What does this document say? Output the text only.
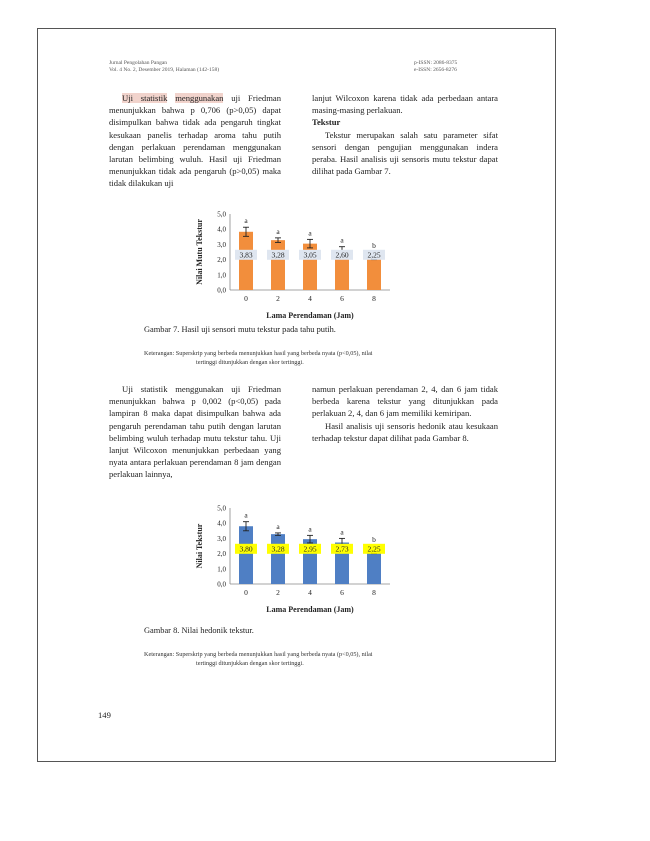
Jurnal Pengolahan Pangan
Vol. 4 No. 2, Desember 2019, Halaman (142-158)
p-ISSN: 2086-8375
e-ISSN: 2656-8276

Uji statistik menggunakan uji Friedman menunjukkan bahwa p 0,706 (p>0,05) dapat disimpulkan bahwa tidak ada pengaruh tingkat kesukaan panelis terhadap aroma tahu putih dengan perlakuan perendaman menggunakan larutan belimbing wuluh. Hasil uji Friedman menunjukkan tidak ada pengaruh (p>0,05) maka tidak dilakukan uji

lanjut Wilcoxon karena tidak ada perbedaan antara masing-masing perlakuan.

Tekstur

Tekstur merupakan salah satu parameter sifat sensori dengan pengujian menggunakan indera peraba. Hasil analisis uji sensoris mutu tekstur dapat dilihat pada Gambar 7.

0,0
1,0
2,0
3,0
4,0
5,0
Nilai Mutu Tekstur	a
3,83
0
a
3,28
2
a
3,05
4
a
2,60
6
b
2,25
8
Lama Perendaman (Jam)
Gambar 7. Hasil uji sensori mutu tekstur pada tahu putih.
Keterangan: Superskrip yang berbeda menunjukkan hasil yang berbeda nyata (p<0,05), nilai
tertinggi ditunjukkan dengan skor tertinggi.

Uji statistik menggunakan uji Friedman menunjukkan bahwa p 0,002 (p<0,05) pada lampiran 8 maka dapat disimpulkan bahwa ada pengaruh perendaman tahu putih dengan larutan belimbing wuluh terhadap mutu tekstur tahu. Uji lanjut Wilcoxon menunjukkan perbedaan yang nyata antara perlakuan perendaman 8 jam dengan perlakuan lainnya,

namun perlakuan perendaman 2, 4, dan 6 jam tidak berbeda karena tekstur yang ditunjukkan pada perlakuan 2, 4, dan 6 jam memiliki kemiripan.

Hasil analisis uji sensoris hedonik atau kesukaan terhadap tekstur dapat dilihat pada Gambar 8.

0,0
1,0
2,0
3,0
4,0
5,0
Nilai Tekstur
a
3,80
0
a
3,28
2
a
2,95
4
a
2,73
6
b
2,25
8
Lama Perendaman (Jam)
Gambar 8. Nilai hedonik tekstur.
Keterangan: Superskrip yang berbeda menunjukkan hasil yang berbeda nyata (p<0,05), nilai
tertinggi ditunjukkan dengan skor tertinggi.
149
